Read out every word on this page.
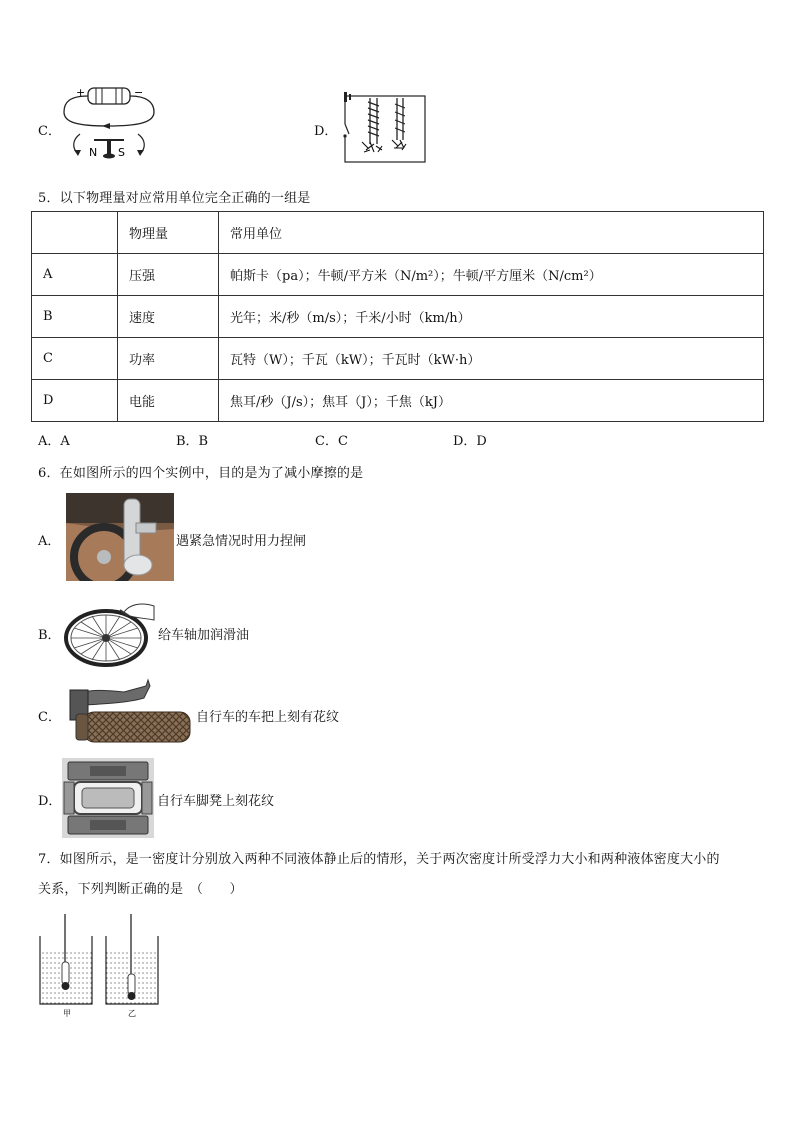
C．
+	−
N S
D．
5．以下物理量对应常用单位完全正确的一组是
	物理量	常用单位
A	压强	帕斯卡（pa）；牛顿/平方米（N/m²）；牛顿/平方厘米（N/cm²）
B	速度	光年；米/秒（m/s）；千米/小时（km/h）
C	功率	瓦特（W）；千瓦（kW）；千瓦时（kW·h）
D	电能	焦耳/秒（J/s）；焦耳（J）；千焦（kJ）
A．A	B．B	C．C	D．D
6．在如图所示的四个实例中，目的是为了减小摩擦的是
A．	遇紧急情况时用力捏闸
B．	给车轴加润滑油
C．	自行车的车把上刻有花纹
D．	自行车脚凳上刻花纹
7．如图所示，是一密度计分别放入两种不同液体静止后的情形，关于两次密度计所受浮力大小和两种液体密度大小的
关系，下列判断正确的是　（　　）
甲	乙
